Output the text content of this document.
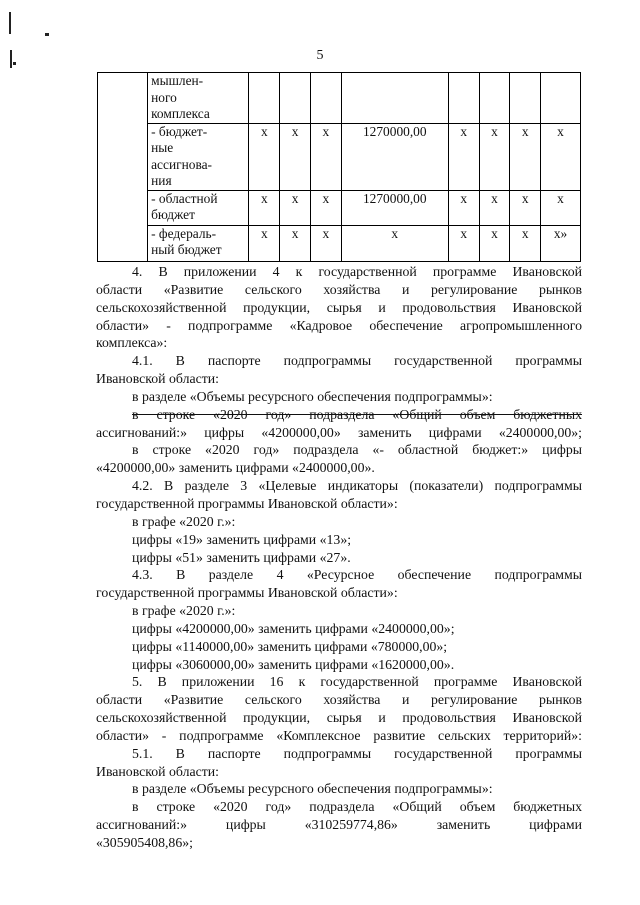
5
	мышлен-
ного
комплекса								
	- бюджет-
ные
ассигнова-
ния	х	х	х	1270000,00	х	х	х	х
	- областной
бюджет	х	х	х	1270000,00	х	х	х	х
	- федераль-
ный бюджет	х	х	х	х	х	х	х	х»

4. В приложении 4 к государственной программе Ивановской

области «Развитие сельского хозяйства и регулирование рынков

сельскохозяйственной продукции, сырья и продовольствия Ивановской

области» - подпрограмме «Кадровое обеспечение агропромышленного

комплекса»:

4.1. В паспорте подпрограммы государственной программы

Ивановской области:

в разделе «Объемы ресурсного обеспечения подпрограммы»:

в строке «2020 год» подраздела «Общий объем бюджетных

ассигнований:» цифры «4200000,00» заменить цифрами «2400000,00»;

в строке «2020 год» подраздела «- областной бюджет:» цифры

«4200000,00» заменить цифрами «2400000,00».

4.2. В разделе 3 «Целевые индикаторы (показатели) подпрограммы

государственной программы Ивановской области»:

в графе «2020 г.»:

цифры «19» заменить цифрами «13»;

цифры «51» заменить цифрами «27».

4.3. В разделе 4 «Ресурсное обеспечение подпрограммы

государственной программы Ивановской области»:

в графе «2020 г.»:

цифры «4200000,00» заменить цифрами «2400000,00»;

цифры «1140000,00» заменить цифрами «780000,00»;

цифры «3060000,00» заменить цифрами «1620000,00».

5. В приложении 16 к государственной программе Ивановской

области «Развитие сельского хозяйства и регулирование рынков

сельскохозяйственной продукции, сырья и продовольствия Ивановской

области» - подпрограмме «Комплексное развитие сельских территорий»:

5.1. В паспорте подпрограммы государственной программы

Ивановской области:

в разделе «Объемы ресурсного обеспечения подпрограммы»:

в строке «2020 год» подраздела «Общий объем бюджетных

ассигнований:» цифры «310259774,86» заменить цифрами

«305905408,86»;
